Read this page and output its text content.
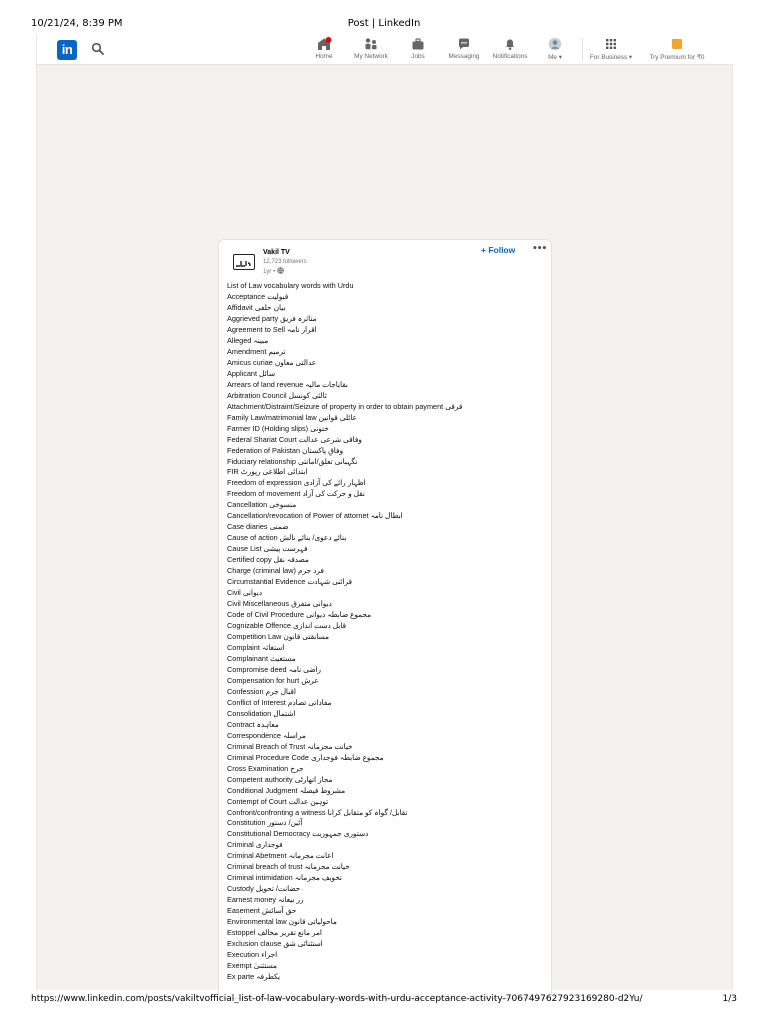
10/21/24, 8:39 PM	Post | LinkedIn
in	Home	My Network	Jobs	Messaging	Notifications	Me ▾	For Business ▾	Try Premium for ₹0
Vakil TV
12,723 followers
1yr •
+ Follow •••
List of Law vocabulary words with Urdu
Acceptance قبولیت
Affidavit بیان حلفی
Aggrieved party متاثرہ فریق
Agreement to Sell اقرار نامہ
Alleged مبینہ
Amendment ترمیم
Amicus curiae عدالتی معاون
Applicant سائل
Arrears of land revenue بقایاجات مالیہ
Arbitration Council ثالثی کونسل
Attachment/Distraint/Seizure of property in order to obtain payment قرقی
Family Law/matrimonial law عائلی قوانین
Farmer ID (Holding slips) ختونی
Federal Shariat Court وفاقی شرعی عدالت
Federation of Pakistan وفاقِ پاکستان
Fiduciary relationship نگہبانی تعلق/امانتی
FIR ابتدائی اطلاعی رپورٹ
Freedom of expression اظہار رائے کی آزادی
Freedom of movement نقل و حرکت کی آزاد
Cancellation منسوخی
Cancellation/revocation of Power of attornet ابطال نامہ
Case diaries ضمنی
Cause of action بنائے دعوی/ بنائے نالش
Cause List فہرست پیشی
Certified copy مصدقہ نقل
Charge (criminal law) فرد جرم
Circumstantial Evidence قرائنی شہادت
Civil دیوانی
Civil Miscellaneous دیوانی متفرق
Code of Civil Procedure مجموع ضابطہ دیوانی
Cognizable Offence قابل دست اندازی
Competition Law مسابقتی قانون
Complaint استغاثہ
Complainant مستغیث
Compromise deed راضی نامہ
Compensation for hurt عرش
Confession اقبال جرم
Conflict of Interest مفاداتی تصادم
Consolidation اشتمال
Contract معاہدہ
Correspondence مراسلہ
Criminal Breach of Trust خیانت مجرمانہ
Criminal Procedure Code مجموع ضابطہ فوجداری
Cross Examination جرح
Competent authority مجاز اتھارٹی
Conditional Judgment مشروط فیصلہ
Contempt of Court توہین عدالت
Confront/confronting a witness تقابل/ گواہ کو متقابل کرانا
Constitution آئین/ دستور
Constitutional Democracy دستوری جمہوریت
Criminal فوجداری
Criminal Abetment اعانت مجرمانہ
Criminal breach of trust خیانت مجرمانہ
Criminal intimidation تخویف مجرمانہ
Custody حضانت/ تحویل
Earnest money زر بیعانہ
Easement حق آسائش
Environmental law ماحولیاتی قانون
Estoppel امر مانع تقریر مخالف
Exclusion clause استثنائی شق
Execution اجراء
Exempt مستثنیٰ
Ex parte یکطرفہ
https://www.linkedin.com/posts/vakiltvofficial_list-of-law-vocabulary-words-with-urdu-acceptance-activity-7067497627923169280-d2Yu/	1/3
